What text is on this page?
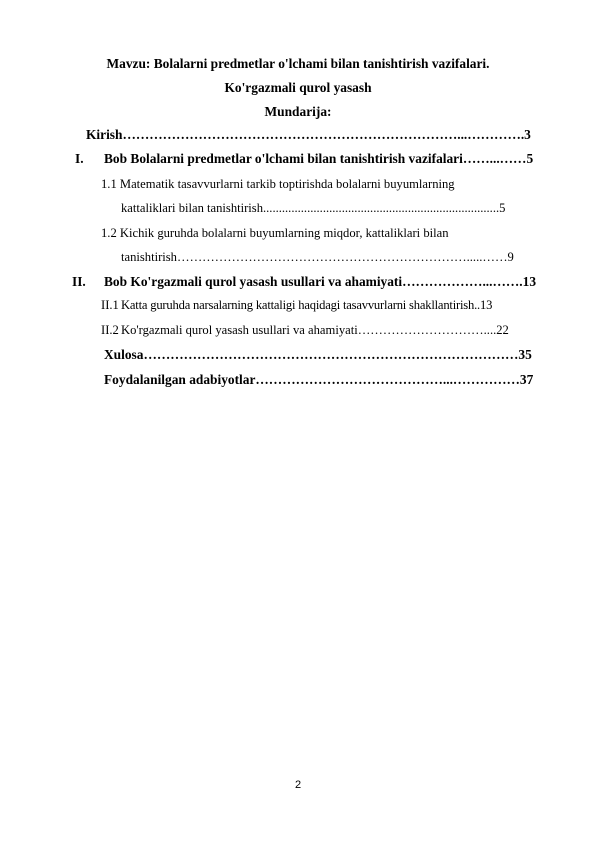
Mavzu: Bolalarni predmetlar o'lchami bilan tanishtirish vazifalari.
Ko'rgazmali qurol yasash
Mundarija:
Kirish…………………………………………………………………...………….3
I. Bob Bolalarni predmetlar o'lchami bilan tanishtirish vazifalari……...……5
1.1 Matematik tasavvurlarni tarkib toptirishda bolalarni buyumlarning
kattaliklari bilan tanishtirish...........................................................................5
1.2 Kichik guruhda bolalarni buyumlarning miqdor, kattaliklari bilan
tanishtirish…………………………………………………………….....……9
II. Bob Ko'rgazmali qurol yasash usullari va ahamiyati………………...…….13
II.1 Katta guruhda narsalarning kattaligi haqidagi tasavvurlarni shakllantirish..13
II.2 Ko'rgazmali qurol yasash usullari va ahamiyati…………………………....22
Xulosa…………………………………………………………………………35
Foydalanilgan adabiyotlar……………………………………...……………37
2
